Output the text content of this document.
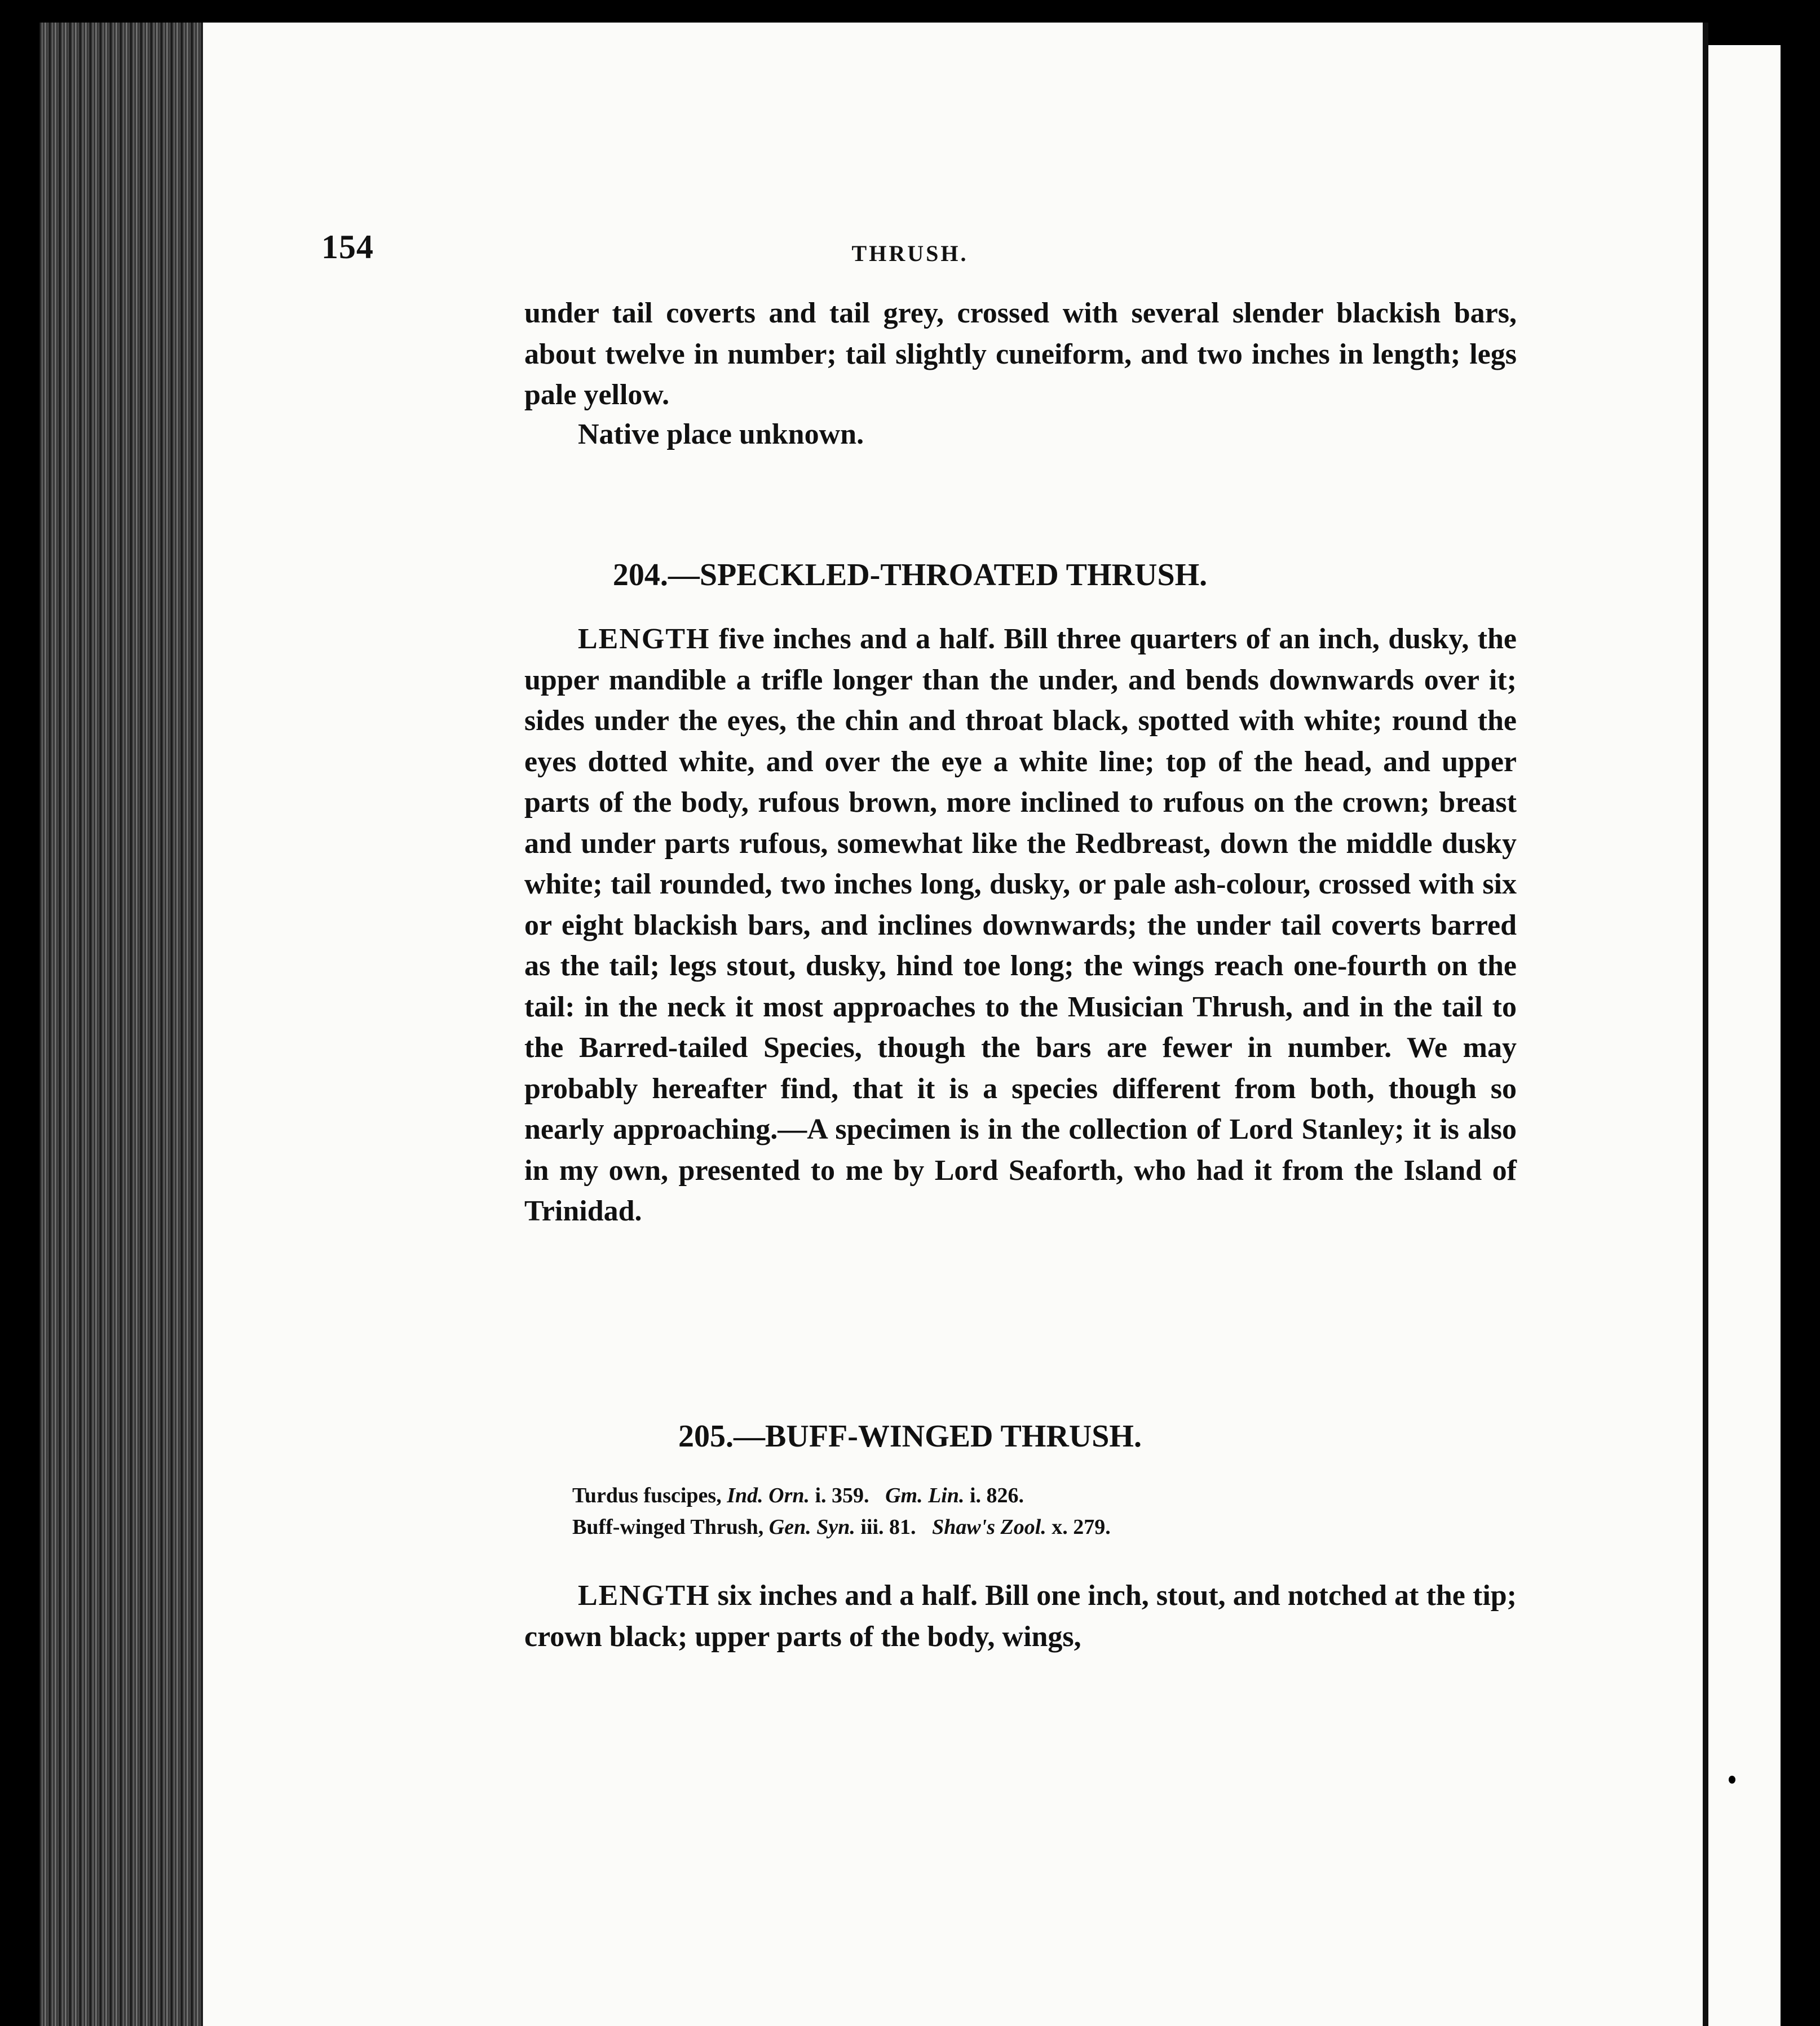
154	THRUSH.

under tail coverts and tail grey, crossed with several slender blackish bars, about twelve in number; tail slightly cuneiform, and two inches in length; legs pale yellow.

Native place unknown.

204.—SPECKLED-THROATED THRUSH.

LENGTH five inches and a half. Bill three quarters of an inch, dusky, the upper mandible a trifle longer than the under, and bends downwards over it; sides under the eyes, the chin and throat black, spotted with white; round the eyes dotted white, and over the eye a white line; top of the head, and upper parts of the body, rufous brown, more inclined to rufous on the crown; breast and under parts rufous, somewhat like the Redbreast, down the middle dusky white; tail rounded, two inches long, dusky, or pale ash-colour, crossed with six or eight blackish bars, and inclines downwards; the under tail coverts barred as the tail; legs stout, dusky, hind toe long; the wings reach one-fourth on the tail: in the neck it most approaches to the Musician Thrush, and in the tail to the Barred-tailed Species, though the bars are fewer in number. We may probably hereafter find, that it is a species different from both, though so nearly approaching.—A specimen is in the collection of Lord Stanley; it is also in my own, presented to me by Lord Seaforth, who had it from the Island of Trinidad.

205.—BUFF-WINGED THRUSH.

Turdus fuscipes, Ind. Orn. i. 359. Gm. Lin. i. 826.

Buff-winged Thrush, Gen. Syn. iii. 81. Shaw's Zool. x. 279.

LENGTH six inches and a half. Bill one inch, stout, and notched at the tip; crown black; upper parts of the body, wings,
